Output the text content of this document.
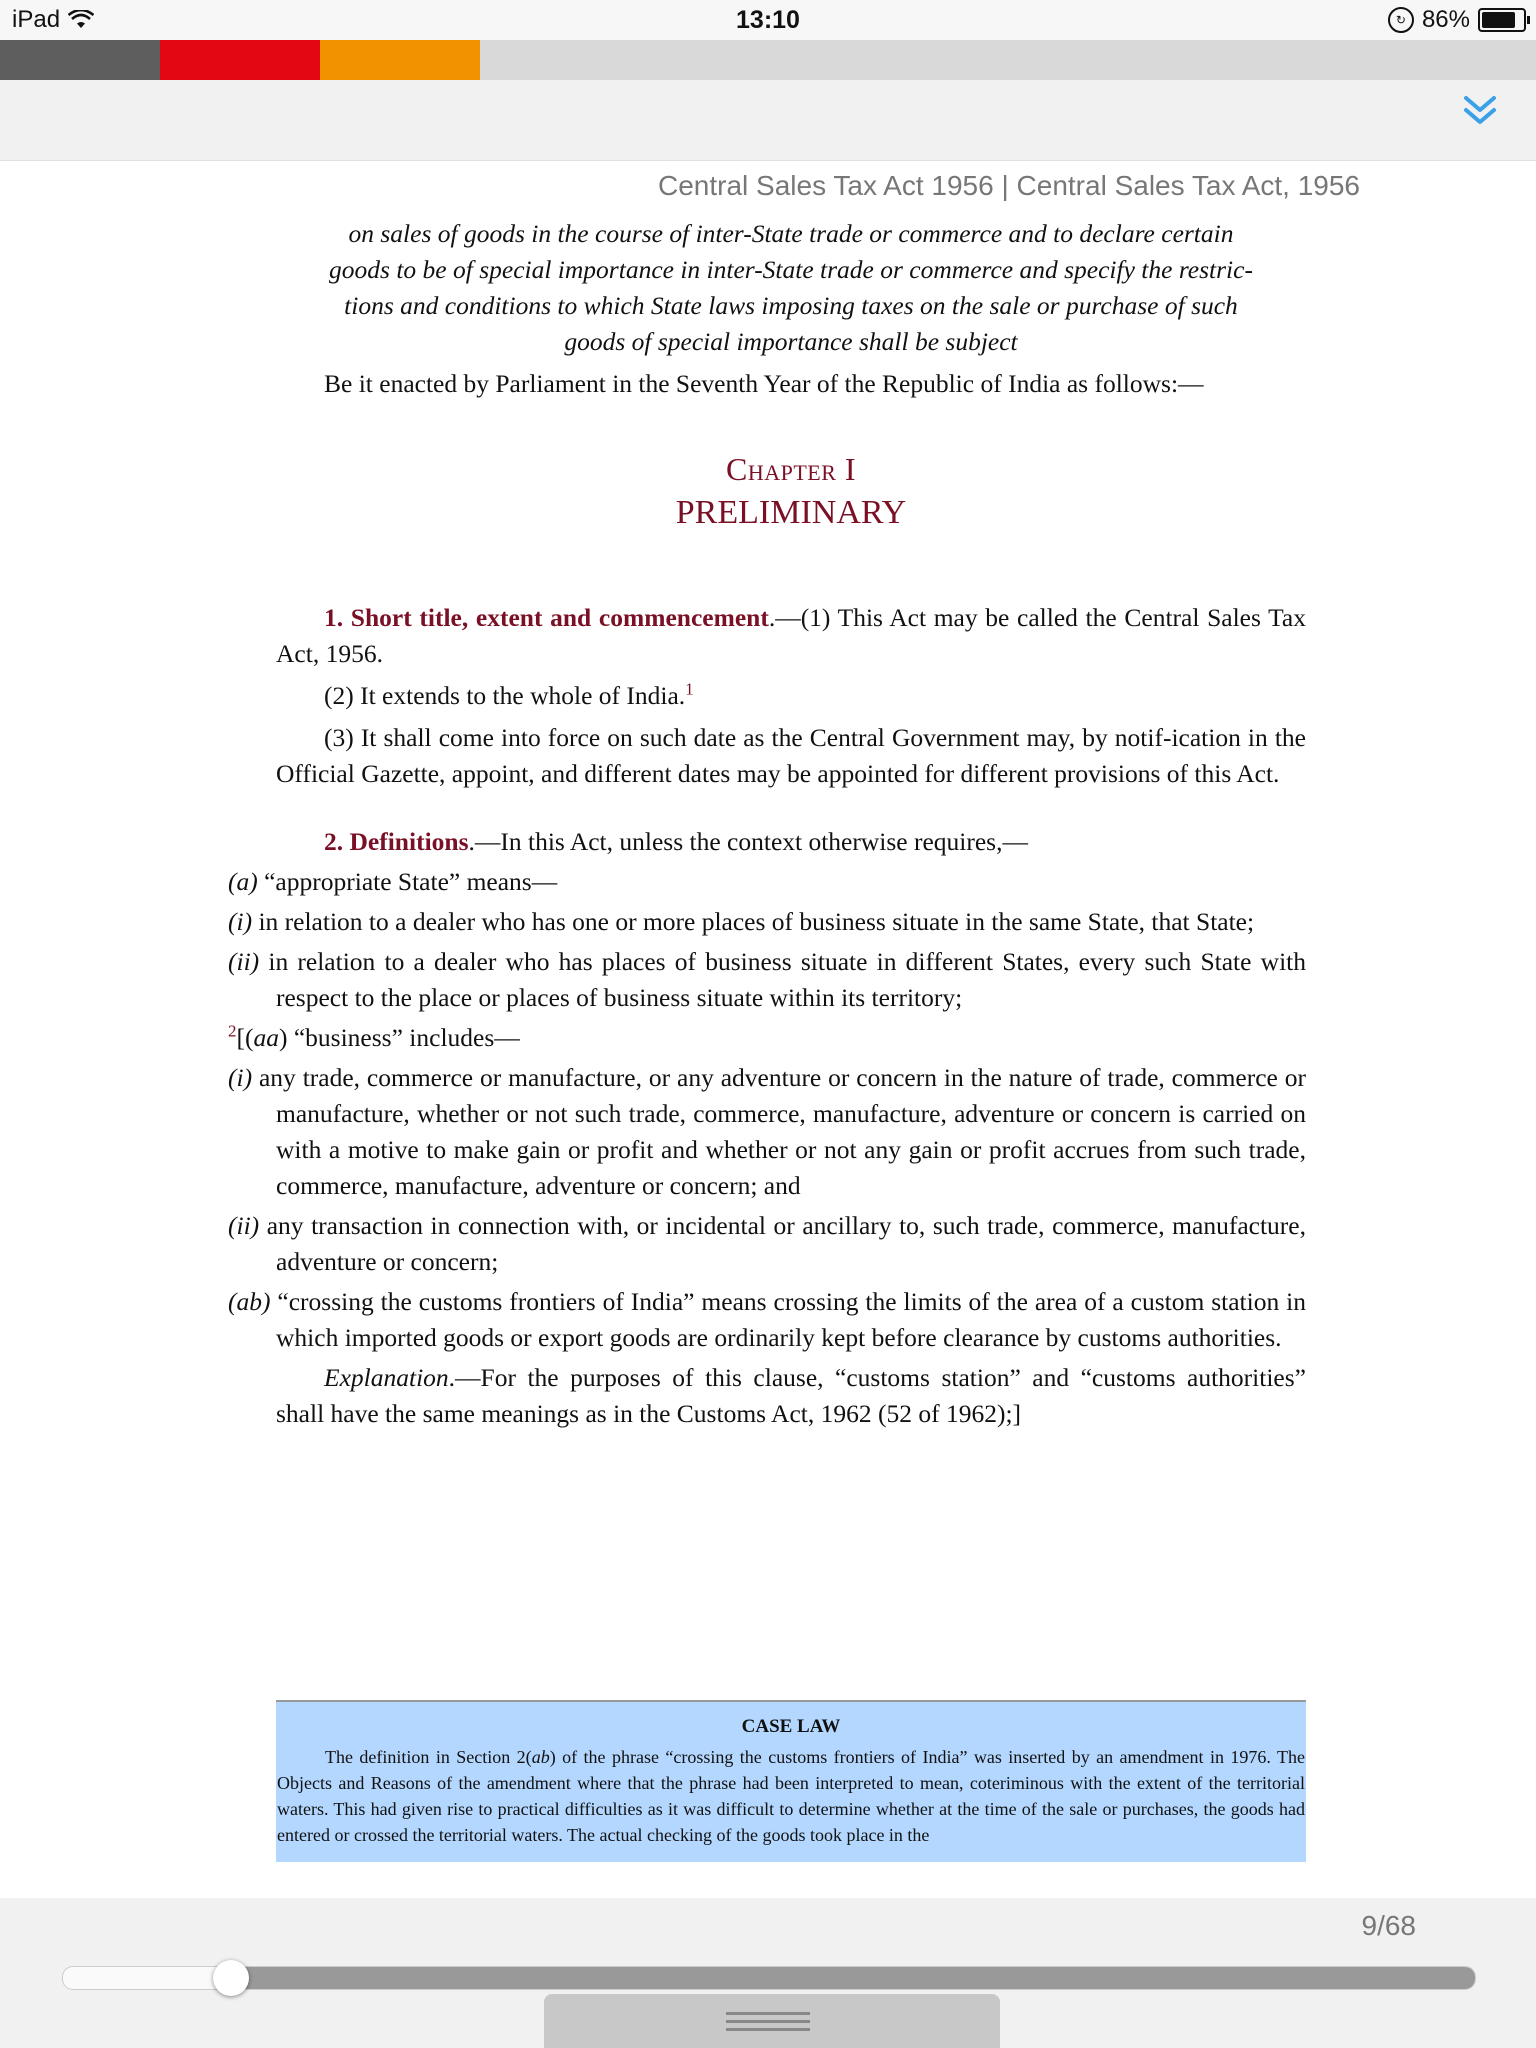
iPad	13:10	↻ 86%
Central Sales Tax Act 1956 | Central Sales Tax Act, 1956

on sales of goods in the course of inter-State trade or commerce and to declare certain
goods to be of special importance in inter-State trade or commerce and specify the restric-
tions and conditions to which State laws imposing taxes on the sale or purchase of such
goods of special importance shall be subject

Be it enacted by Parliament in the Seventh Year of the Republic of India as follows:—

Chapter I
PRELIMINARY

1. Short title, extent and commencement.—(1) This Act may be called the Central Sales Tax Act, 1956.

(2) It extends to the whole of India.$^1$

(3) It shall come into force on such date as the Central Government may, by notif-ication in the Official Gazette, appoint, and different dates may be appointed for different provisions of this Act.

2. Definitions.—In this Act, unless the context otherwise requires,—

(a) “appropriate State” means—

(i) in relation to a dealer who has one or more places of business situate in the same State, that State;

(ii) in relation to a dealer who has places of business situate in different States, every such State with respect to the place or places of business situate within its territory;

$^2$[(aa) “business” includes—

(i) any trade, commerce or manufacture, or any adventure or concern in the nature of trade, commerce or manufacture, whether or not such trade, commerce, manufacture, adventure or concern is carried on with a motive to make gain or profit and whether or not any gain or profit accrues from such trade, commerce, manufacture, adventure or concern; and

(ii) any transaction in connection with, or incidental or ancillary to, such trade, commerce, manufacture, adventure or concern;

(ab) “crossing the customs frontiers of India” means crossing the limits of the area of a custom station in which imported goods or export goods are ordinarily kept before clearance by customs authorities.

Explanation.—For the purposes of this clause, “customs station” and “customs authorities” shall have the same meanings as in the Customs Act, 1962 (52 of 1962);]

CASE LAW
The definition in Section 2(ab) of the phrase “crossing the customs frontiers of India” was inserted by an amendment in 1976. The Objects and Reasons of the amendment where that the phrase had been interpreted to mean, coteriminous with the extent of the territorial waters. This had given rise to practical difficulties as it was difficult to determine whether at the time of the sale or purchases, the goods had entered or crossed the territorial waters. The actual checking of the goods took place in the
9/68
